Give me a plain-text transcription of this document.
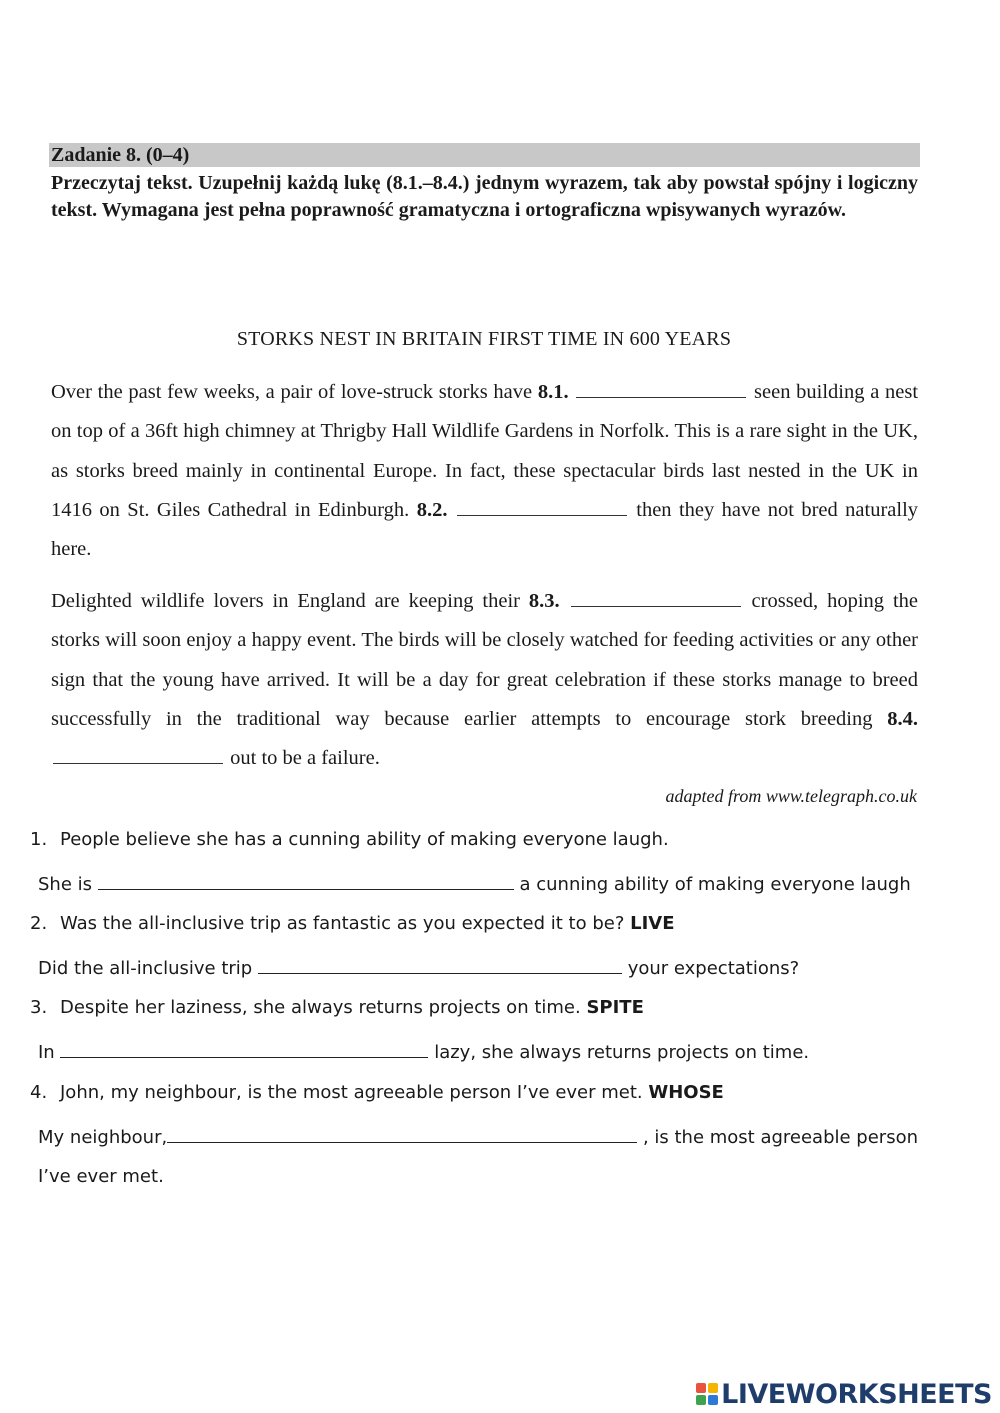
Zadanie 8. (0–4)
Przeczytaj tekst. Uzupełnij każdą lukę (8.1.–8.4.) jednym wyrazem, tak aby powstał spójny i logiczny tekst. Wymagana jest pełna poprawność gramatyczna i ortograficzna wpisywanych wyrazów.
STORKS NEST IN BRITAIN FIRST TIME IN 600 YEARS
Over the past few weeks, a pair of love-struck storks have 8.1.	seen building a nest on top of a 36ft high chimney at Thrigby Hall Wildlife Gardens in Norfolk. This is a rare sight in the UK, as storks breed mainly in continental Europe. In fact, these spectacular birds last nested in the UK in 1416 on St. Giles Cathedral in Edinburgh. 8.2.	then they have not bred naturally here.
Delighted wildlife lovers in England are keeping their 8.3.	crossed, hoping the storks will soon enjoy a happy event. The birds will be closely watched for feeding activities or any other sign that the young have arrived. It will be a day for great celebration if these storks manage to breed successfully in the traditional way because earlier attempts to encourage stork breeding 8.4.  out to be a failure.
adapted from www.telegraph.co.uk
1. People believe she has a cunning ability of making everyone laugh.
She is	a cunning ability of making everyone laugh
2. Was the all-inclusive trip as fantastic as you expected it to be? LIVE
Did the all-inclusive trip	your expectations?
3. Despite her laziness, she always returns projects on time. SPITE
In	lazy, she always returns projects on time.
4. John, my neighbour, is the most agreeable person I’ve ever met. WHOSE
My neighbour,	, is the most agreeable person
I’ve ever met.
LIVEWORKSHEETS
